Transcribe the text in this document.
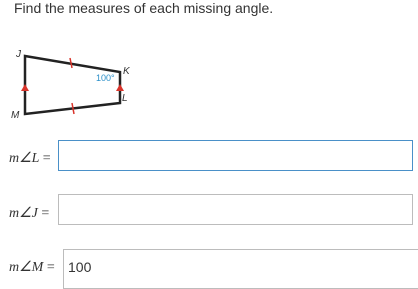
Find the measures of each missing angle.
J
K
L
M
100°
m∠L =
m∠J =
m∠M = 100
